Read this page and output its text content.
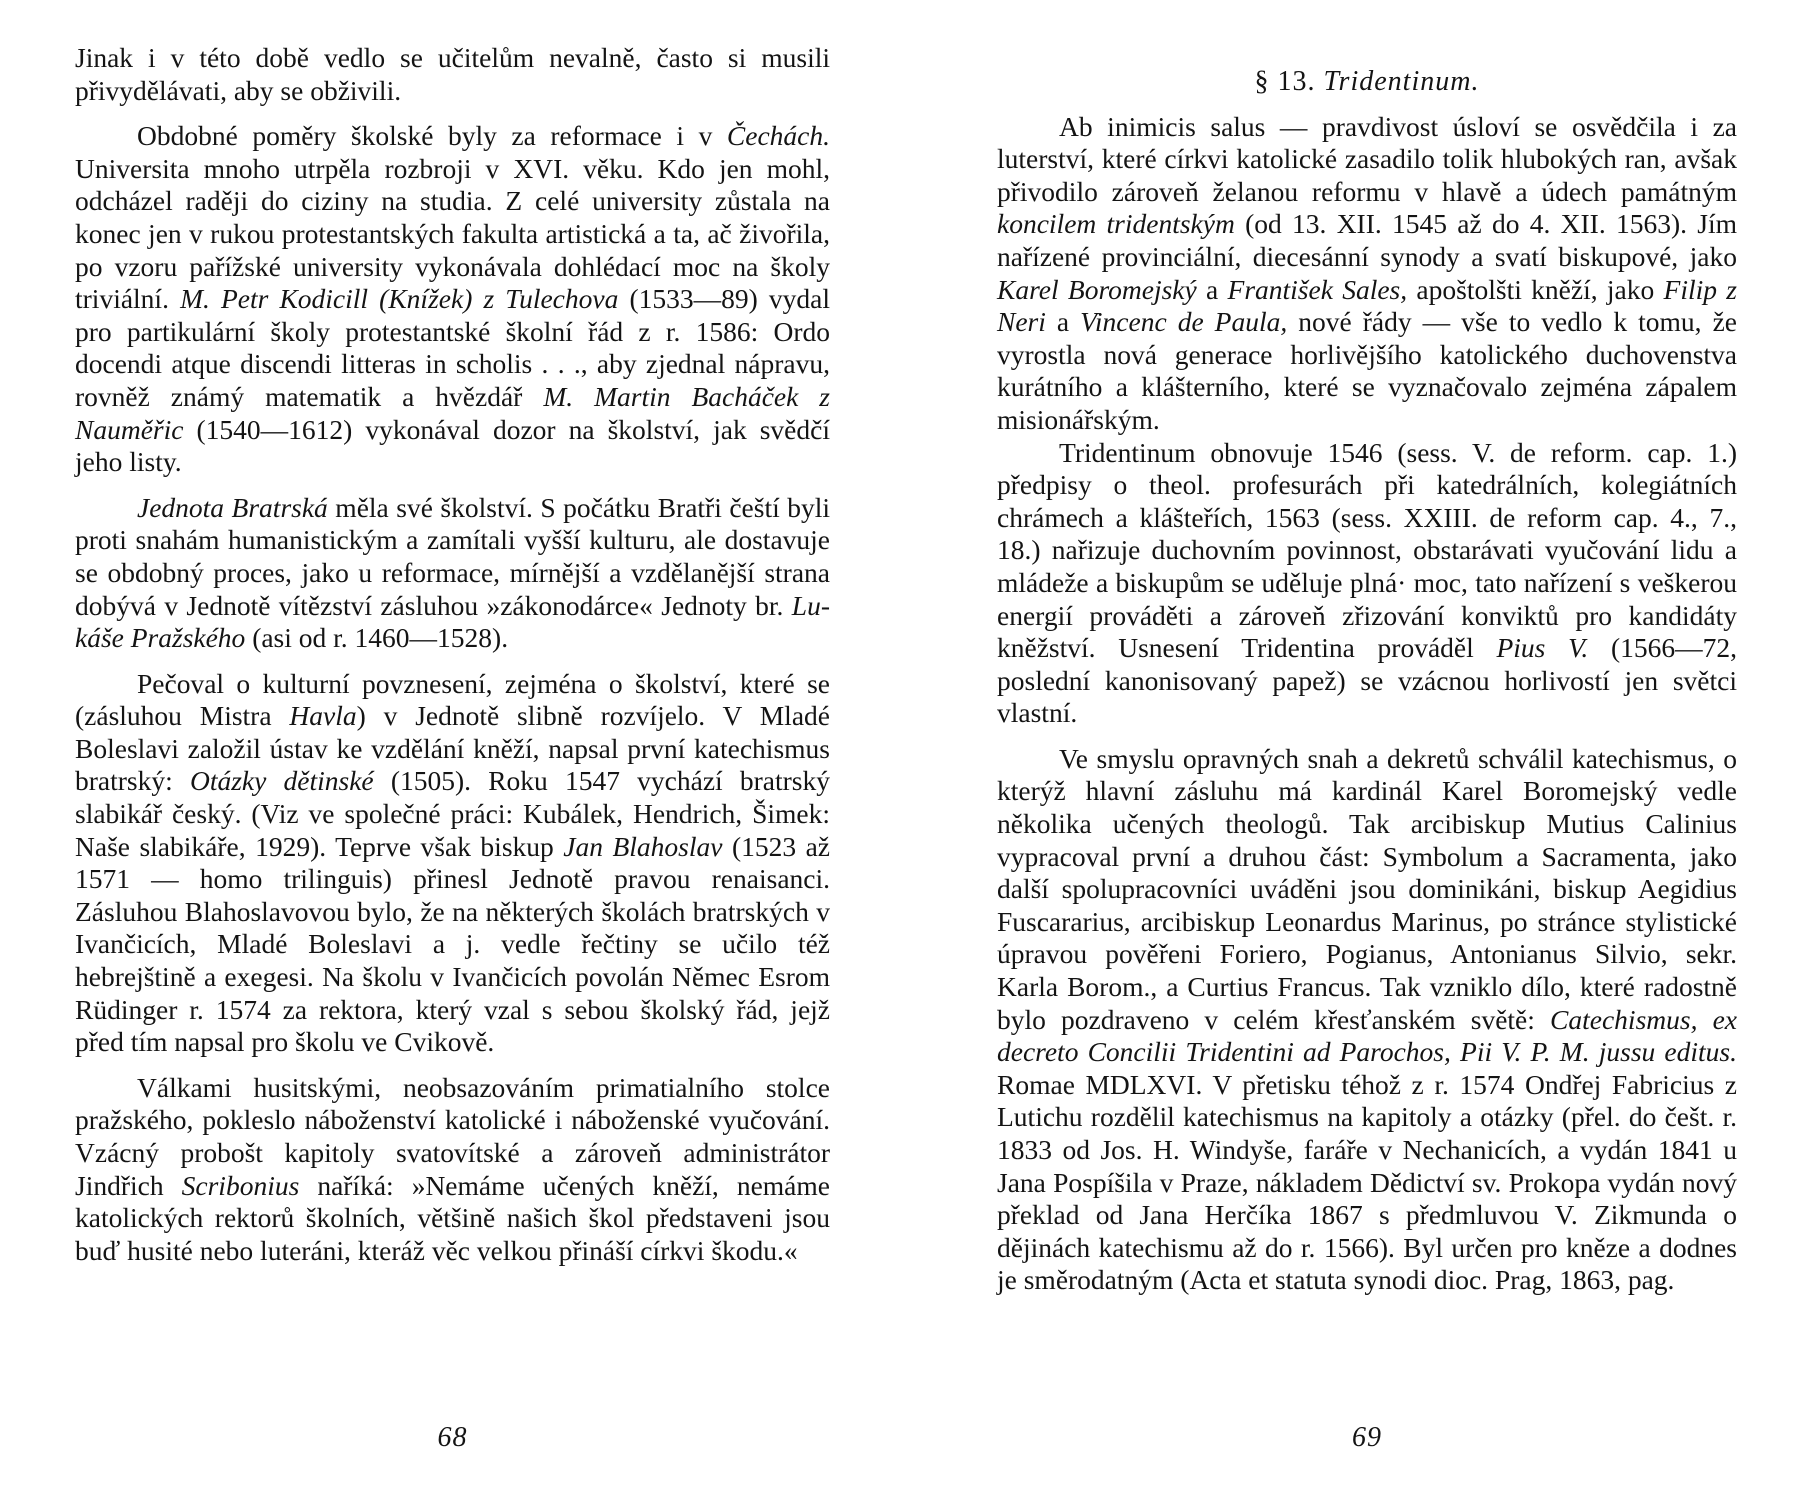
Jinak i v této době vedlo se učitelům nevalně, často si musili přivydělávati, aby se obživili.

Obdobné poměry školské byly za reformace i v Čechách. Universita mnoho utrpěla rozbroji v XVI. věku. Kdo jen mohl, odcházel raději do ciziny na studia. Z celé university zůstala na konec jen v rukou protestantských fakulta artistická a ta, ač živořila, po vzoru pařížské university vykonávala dohlédací moc na školy triviální. M. Petr Kodicill (Knížek) z Tulechova (1533—89) vydal pro partikulární školy protestantské školní řád z r. 1586: Ordo docendi atque discendi litteras in scholis . . ., aby zjednal nápravu, rovněž známý matematik a hvězdář M. Martin Bacháček z Nauměřic (1540—1612) vykonával dozor na školství, jak svědčí jeho listy.

Jednota Bratrská měla své školství. S počátku Bratři čeští byli proti snahám humanistickým a zamítali vyšší kulturu, ale dostavuje se obdobný proces, jako u reformace, mírnější a vzdělanější strana dobývá v Jednotě vítězství zásluhou »zákonodárce« Jednoty br. Lukáše Pražského (asi od r. 1460—1528).

Pečoval o kulturní povznesení, zejména o školství, které se (zásluhou Mistra Havla) v Jednotě slibně rozvíjelo. V Mladé Boleslavi založil ústav ke vzdělání kněží, napsal první katechismus bratrský: Otázky dětinské (1505). Roku 1547 vychází bratrský slabikář český. (Viz ve společné práci: Kubálek, Hendrich, Šimek: Naše slabikáře, 1929). Teprve však biskup Jan Blahoslav (1523 až 1571 — homo trilinguis) přinesl Jednotě pravou renaisanci. Zásluhou Blahoslavovou bylo, že na některých školách bratrských v Ivančicích, Mladé Boleslavi a j. vedle řečtiny se učilo též hebrejštině a exegesi. Na školu v Ivančicích povolán Němec Esrom Rüdinger r. 1574 za rektora, který vzal s sebou školský řád, jejž před tím napsal pro školu ve Cvikově.

Válkami husitskými, neobsazováním primatialního stolce pražského, pokleslo náboženství katolické i náboženské vyučování. Vzácný probošt kapitoly svatovítské a zároveň administrátor Jindřich Scribonius naříká: »Nemáme učených kněží, nemáme katolických rektorů školních, většině našich škol představeni jsou buď husité nebo luteráni, kteráž věc velkou přináší církvi škodu.«

68
§ 13. Tridentinum.

Ab inimicis salus — pravdivost úsloví se osvědčila i za luterství, které církvi katolické zasadilo tolik hlubokých ran, avšak přivodilo zároveň želanou reformu v hlavě a údech památným koncilem tridentským (od 13. XII. 1545 až do 4. XII. 1563). Jím nařízené provinciální, diecesánní synody a svatí biskupové, jako Karel Boromejský a František Sales, apoštolšti kněží, jako Filip z Neri a Vincenc de Paula, nové řády — vše to vedlo k tomu, že vyrostla nová generace horlivějšího katolického duchovenstva kurátního a klášterního, které se vyznačovalo zejména zápalem misionářským.

Tridentinum obnovuje 1546 (sess. V. de reform. cap. 1.) předpisy o theol. profesurách při katedrálních, kolegiátních chrámech a klášteřích, 1563 (sess. XXIII. de reform cap. 4., 7., 18.) nařizuje duchovním povinnost, obstarávati vyučování lidu a mládeže a biskupům se uděluje plná· moc, tato nařízení s veškerou energií prováděti a zároveň zřizování konviktů pro kandidáty kněžství. Usnesení Tridentina prováděl Pius V. (1566—72, poslední kanonisovaný papež) se vzácnou horlivostí jen světci vlastní.

Ve smyslu opravných snah a dekretů schválil katechismus, o kterýž hlavní zásluhu má kardinál Karel Boromejský vedle několika učených theologů. Tak arcibiskup Mutius Calinius vypracoval první a druhou část: Symbolum a Sacramenta, jako další spolupracovníci uváděni jsou dominikáni, biskup Aegidius Fuscararius, arcibiskup Leonardus Marinus, po stránce stylistické úpravou pověřeni Foriero, Pogianus, Antonianus Silvio, sekr. Karla Borom., a Curtius Francus. Tak vzniklo dílo, které radostně bylo pozdraveno v celém křesťanském světě: Catechismus, ex decreto Concilii Tridentini ad Parochos, Pii V. P. M. jussu editus. Romae MDLXVI. V přetisku téhož z r. 1574 Ondřej Fabricius z Lutichu rozdělil katechismus na kapitoly a otázky (přel. do češt. r. 1833 od Jos. H. Windyše, faráře v Nechanicích, a vydán 1841 u Jana Pospíšila v Praze, nákladem Dědictví sv. Prokopa vydán nový překlad od Jana Herčíka 1867 s předmluvou V. Zikmunda o dějinách katechismu až do r. 1566). Byl určen pro kněze a dodnes je směrodatným (Acta et statuta synodi dioc. Prag, 1863, pag.

69
